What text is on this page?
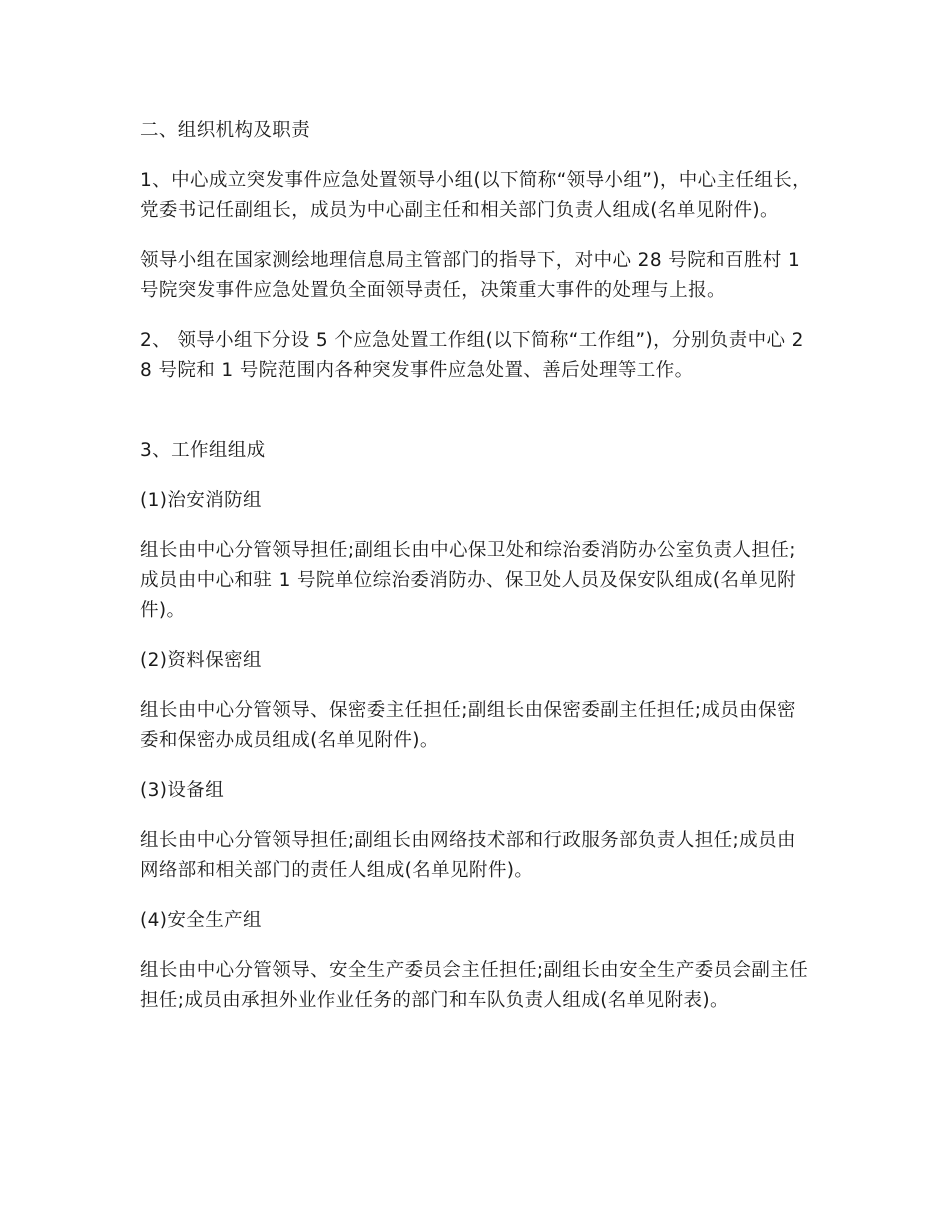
二、组织机构及职责

1、中心成立突发事件应急处置领导小组(以下简称“领导小组”)，中心主任组长，党委书记任副组长，成员为中心副主任和相关部门负责人组成(名单见附件)。

领导小组在国家测绘地理信息局主管部门的指导下，对中心 28 号院和百胜村 1 号院突发事件应急处置负全面领导责任，决策重大事件的处理与上报。

2、 领导小组下分设 5 个应急处置工作组(以下简称“工作组”)，分别负责中心 28 号院和 1 号院范围内各种突发事件应急处置、善后处理等工作。

3、工作组组成

(1)治安消防组

组长由中心分管领导担任;副组长由中心保卫处和综治委消防办公室负责人担任;成员由中心和驻 1 号院单位综治委消防办、保卫处人员及保安队组成(名单见附件)。

(2)资料保密组

组长由中心分管领导、保密委主任担任;副组长由保密委副主任担任;成员由保密委和保密办成员组成(名单见附件)。

(3)设备组

组长由中心分管领导担任;副组长由网络技术部和行政服务部负责人担任;成员由网络部和相关部门的责任人组成(名单见附件)。

(4)安全生产组

组长由中心分管领导、安全生产委员会主任担任;副组长由安全生产委员会副主任担任;成员由承担外业作业任务的部门和车队负责人组成(名单见附表)。
